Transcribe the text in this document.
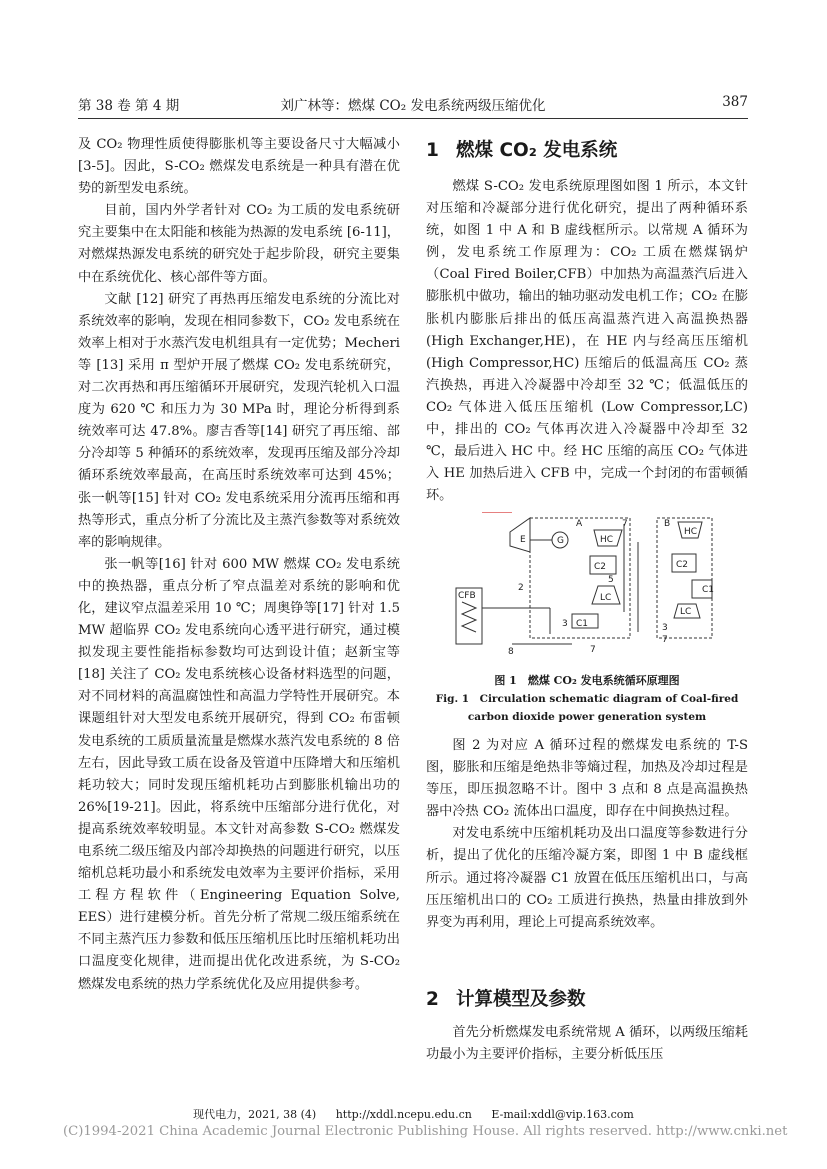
第 38 卷 第 4 期	刘广林等：燃煤 CO₂ 发电系统两级压缩优化	387

及 CO₂ 物理性质使得膨胀机等主要设备尺寸大幅减小 [3-5]。因此，S-CO₂ 燃煤发电系统是一种具有潜在优势的新型发电系统。

目前，国内外学者针对 CO₂ 为工质的发电系统研究主要集中在太阳能和核能为热源的发电系统 [6-11]，对燃煤热源发电系统的研究处于起步阶段，研究主要集中在系统优化、核心部件等方面。

文献 [12] 研究了再热再压缩发电系统的分流比对系统效率的影响，发现在相同参数下，CO₂ 发电系统在效率上相对于水蒸汽发电机组具有一定优势；Mecheri 等 [13] 采用 π 型炉开展了燃煤 CO₂ 发电系统研究，对二次再热和再压缩循环开展研究，发现汽轮机入口温度为 620 ℃ 和压力为 30 MPa 时，理论分析得到系统效率可达 47.8%。廖吉香等[14] 研究了再压缩、部分冷却等 5 种循环的系统效率，发现再压缩及部分冷却循环系统效率最高，在高压时系统效率可达到 45%；张一帆等[15] 针对 CO₂ 发电系统采用分流再压缩和再热等形式，重点分析了分流比及主蒸汽参数等对系统效率的影响规律。

张一帆等[16] 针对 600 MW 燃煤 CO₂ 发电系统中的换热器，重点分析了窄点温差对系统的影响和优化，建议窄点温差采用 10 ℃；周奥铮等[17] 针对 1.5 MW 超临界 CO₂ 发电系统向心透平进行研究，通过模拟发现主要性能指标参数均可达到设计值；赵新宝等[18] 关注了 CO₂ 发电系统核心设备材料选型的问题，对不同材料的高温腐蚀性和高温力学特性开展研究。本课题组针对大型发电系统开展研究，得到 CO₂ 布雷顿发电系统的工质质量流量是燃煤水蒸汽发电系统的 8 倍左右，因此导致工质在设备及管道中压降增大和压缩机耗功较大；同时发现压缩机耗功占到膨胀机输出功的 26%[19-21]。因此，将系统中压缩部分进行优化，对提高系统效率较明显。本文针对高参数 S-CO₂ 燃煤发电系统二级压缩及内部冷却换热的问题进行研究，以压缩机总耗功最小和系统发电效率为主要评价指标，采用工程方程软件（Engineering Equation Solve, EES）进行建模分析。首先分析了常规二级压缩系统在不同主蒸汽压力参数和低压压缩机压比时压缩机耗功出口温度变化规律，进而提出优化改进系统，为 S-CO₂ 燃煤发电系统的热力学系统优化及应用提供参考。

1 燃煤 CO₂ 发电系统

燃煤 S-CO₂ 发电系统原理图如图 1 所示，本文针对压缩和冷凝部分进行优化研究，提出了两种循环系统，如图 1 中 A 和 B 虚线框所示。以常规 A 循环为例，发电系统工作原理为：CO₂ 工质在燃煤锅炉（Coal Fired Boiler,CFB）中加热为高温蒸汽后进入膨胀机中做功，输出的轴功驱动发电机工作；CO₂ 在膨胀机内膨胀后排出的低压高温蒸汽进入高温换热器 (High Exchanger,HE)，在 HE 内与经高压压缩机 (High Compressor,HC) 压缩后的低温高压 CO₂ 蒸汽换热，再进入冷凝器中冷却至 32 ℃；低温低压的 CO₂ 气体进入低压压缩机 (Low Compressor,LC) 中，排出的 CO₂ 气体再次进入冷凝器中冷却至 32 ℃，最后进入 HC 中。经 HC 压缩的高压 CO₂ 气体进入 HE 加热后进入 CFB 中，完成一个封闭的布雷顿循环。

A	B
CFB
E	G	HC
C2
LC
C1
HC
C2
C1
LC
7
2
5
3
8	7
3
7
图 1　燃煤 CO₂ 发电系统循环原理图
Fig. 1　Circulation schematic diagram of Coal-fired carbon dioxide power generation system

图 2 为对应 A 循环过程的燃煤发电系统的 T-S 图，膨胀和压缩是绝热非等熵过程，加热及冷却过程是等压，即压损忽略不计。图中 3 点和 8 点是高温换热器中冷热 CO₂ 流体出口温度，即存在中间换热过程。

对发电系统中压缩机耗功及出口温度等参数进行分析，提出了优化的压缩冷凝方案，即图 1 中 B 虚线框所示。通过将冷凝器 C1 放置在低压压缩机出口，与高压压缩机出口的 CO₂ 工质进行换热，热量由排放到外界变为再利用，理论上可提高系统效率。

2 计算模型及参数

首先分析燃煤发电系统常规 A 循环，以两级压缩耗功最小为主要评价指标，主要分析低压压

现代电力，2021, 38 (4) http://xddl.ncepu.edu.cn E-mail:xddl@vip.163.com
(C)1994-2021 China Academic Journal Electronic Publishing House. All rights reserved. http://www.cnki.net
